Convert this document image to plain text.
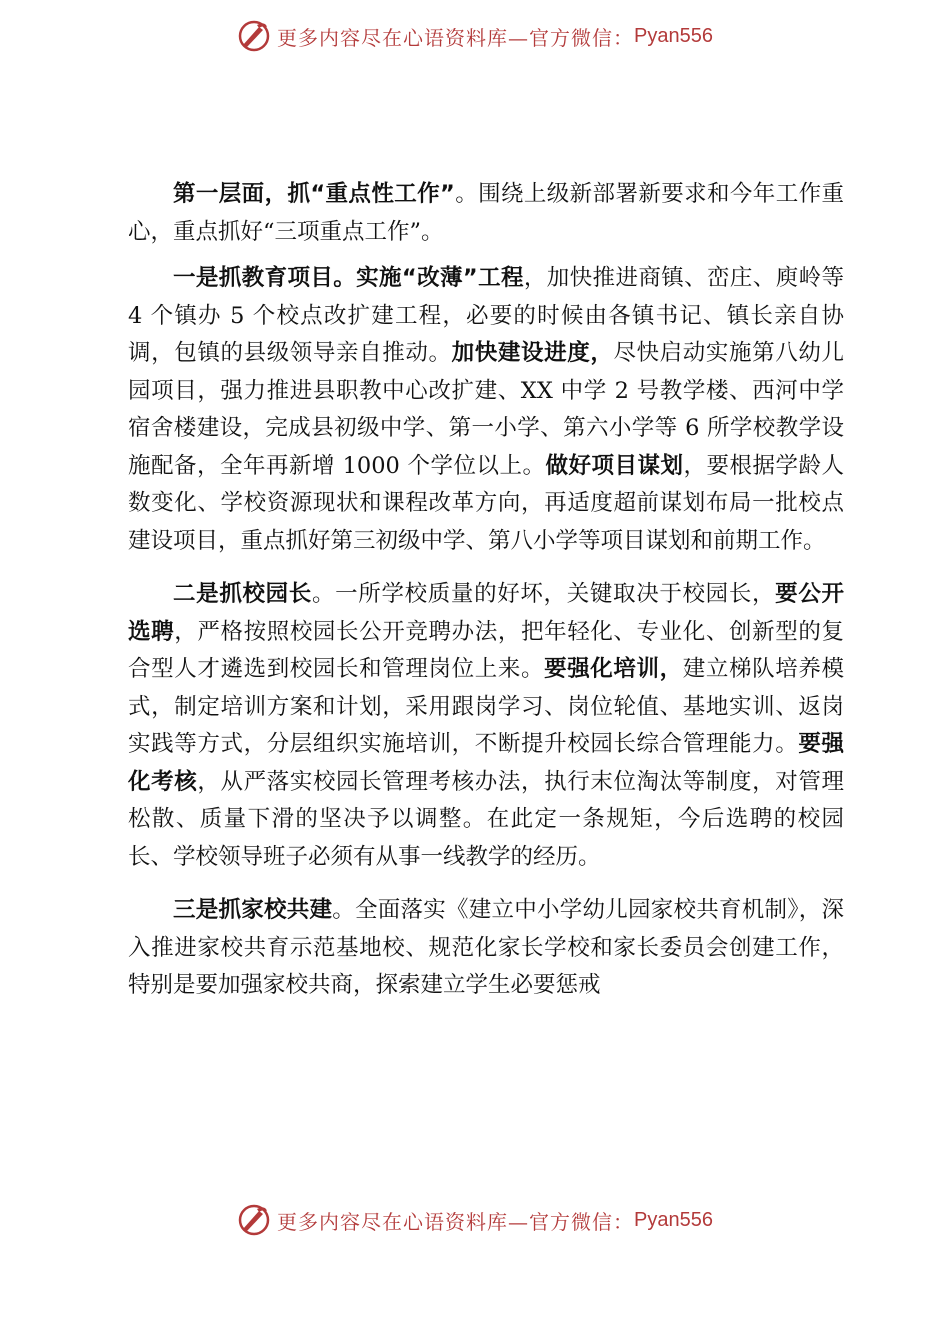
更多内容尽在心语资料库—官方微信： Pyan556

第一层面，抓“重点性工作”。围绕上级新部署新要求和今年工作重心，重点抓好“三项重点工作”。

一是抓教育项目。实施“改薄”工程，加快推进商镇、峦庄、庾岭等 4 个镇办 5 个校点改扩建工程，必要的时候由各镇书记、镇长亲自协调，包镇的县级领导亲自推动。加快建设进度，尽快启动实施第八幼儿园项目，强力推进县职教中心改扩建、XX 中学 2 号教学楼、西河中学宿舍楼建设，完成县初级中学、第一小学、第六小学等 6 所学校教学设施配备，全年再新增 1000 个学位以上。做好项目谋划，要根据学龄人数变化、学校资源现状和课程改革方向，再适度超前谋划布局一批校点建设项目，重点抓好第三初级中学、第八小学等项目谋划和前期工作。

二是抓校园长。一所学校质量的好坏，关键取决于校园长，要公开选聘，严格按照校园长公开竞聘办法，把年轻化、专业化、创新型的复合型人才遴选到校园长和管理岗位上来。要强化培训，建立梯队培养模式，制定培训方案和计划，采用跟岗学习、岗位轮值、基地实训、返岗实践等方式，分层组织实施培训，不断提升校园长综合管理能力。要强化考核，从严落实校园长管理考核办法，执行末位淘汰等制度，对管理松散、质量下滑的坚决予以调整。在此定一条规矩，今后选聘的校园长、学校领导班子必须有从事一线教学的经历。

三是抓家校共建。全面落实《建立中小学幼儿园家校共育机制》，深入推进家校共育示范基地校、规范化家长学校和家长委员会创建工作，特别是要加强家校共商，探索建立学生必要惩戒

更多内容尽在心语资料库—官方微信： Pyan556
